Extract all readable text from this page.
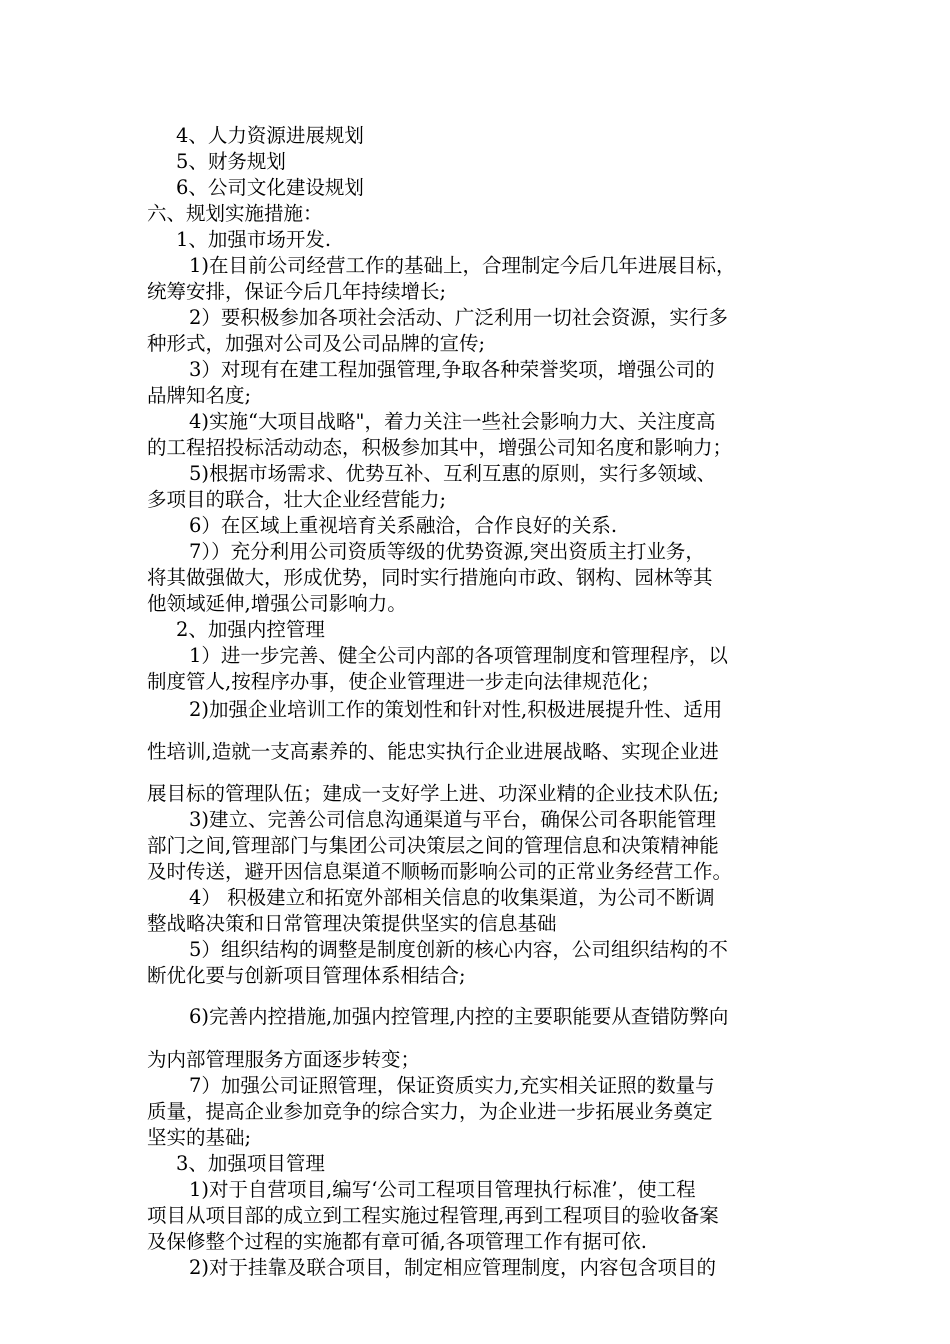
4、人力资源进展规划
5、财务规划
6、公司文化建设规划
六、规划实施措施：
1、加强市场开发.
1)在目前公司经营工作的基础上，合理制定今后几年进展目标，
统筹安排，保证今后几年持续增长;
2）要积极参加各项社会活动、广泛利用一切社会资源，实行多
种形式，加强对公司及公司品牌的宣传;
3）对现有在建工程加强管理,争取各种荣誉奖项，增强公司的
品牌知名度;
4)实施“大项目战略"，着力关注一些社会影响力大、关注度高
的工程招投标活动动态，积极参加其中，增强公司知名度和影响力；
5)根据市场需求、优势互补、互利互惠的原则，实行多领域、
多项目的联合，壮大企业经营能力;
6）在区域上重视培育关系融洽，合作良好的关系.
7））充分利用公司资质等级的优势资源,突出资质主打业务，
将其做强做大，形成优势，同时实行措施向市政、钢构、园林等其
他领域延伸,增强公司影响力。
2、加强内控管理
1）进一步完善、健全公司内部的各项管理制度和管理程序，以
制度管人,按程序办事，使企业管理进一步走向法律规范化；
2)加强企业培训工作的策划性和针对性,积极进展提升性、适用
性培训,造就一支高素养的、能忠实执行企业进展战略、实现企业进
展目标的管理队伍；建成一支好学上进、功深业精的企业技术队伍;
3)建立、完善公司信息沟通渠道与平台，确保公司各职能管理
部门之间,管理部门与集团公司决策层之间的管理信息和决策精神能
及时传送，避开因信息渠道不顺畅而影响公司的正常业务经营工作。
4） 积极建立和拓宽外部相关信息的收集渠道，为公司不断调
整战略决策和日常管理决策提供坚实的信息基础
5）组织结构的调整是制度创新的核心内容，公司组织结构的不
断优化要与创新项目管理体系相结合;
6)完善内控措施,加强内控管理,内控的主要职能要从查错防弊向
为内部管理服务方面逐步转变；
7）加强公司证照管理，保证资质实力,充实相关证照的数量与
质量，提高企业参加竞争的综合实力，为企业进一步拓展业务奠定
坚实的基础;
3、加强项目管理
1)对于自营项目,编写‘公司工程项目管理执行标准’，使工程
项目从项目部的成立到工程实施过程管理,再到工程项目的验收备案
及保修整个过程的实施都有章可循,各项管理工作有据可依.
2)对于挂靠及联合项目，制定相应管理制度，内容包含项目的
